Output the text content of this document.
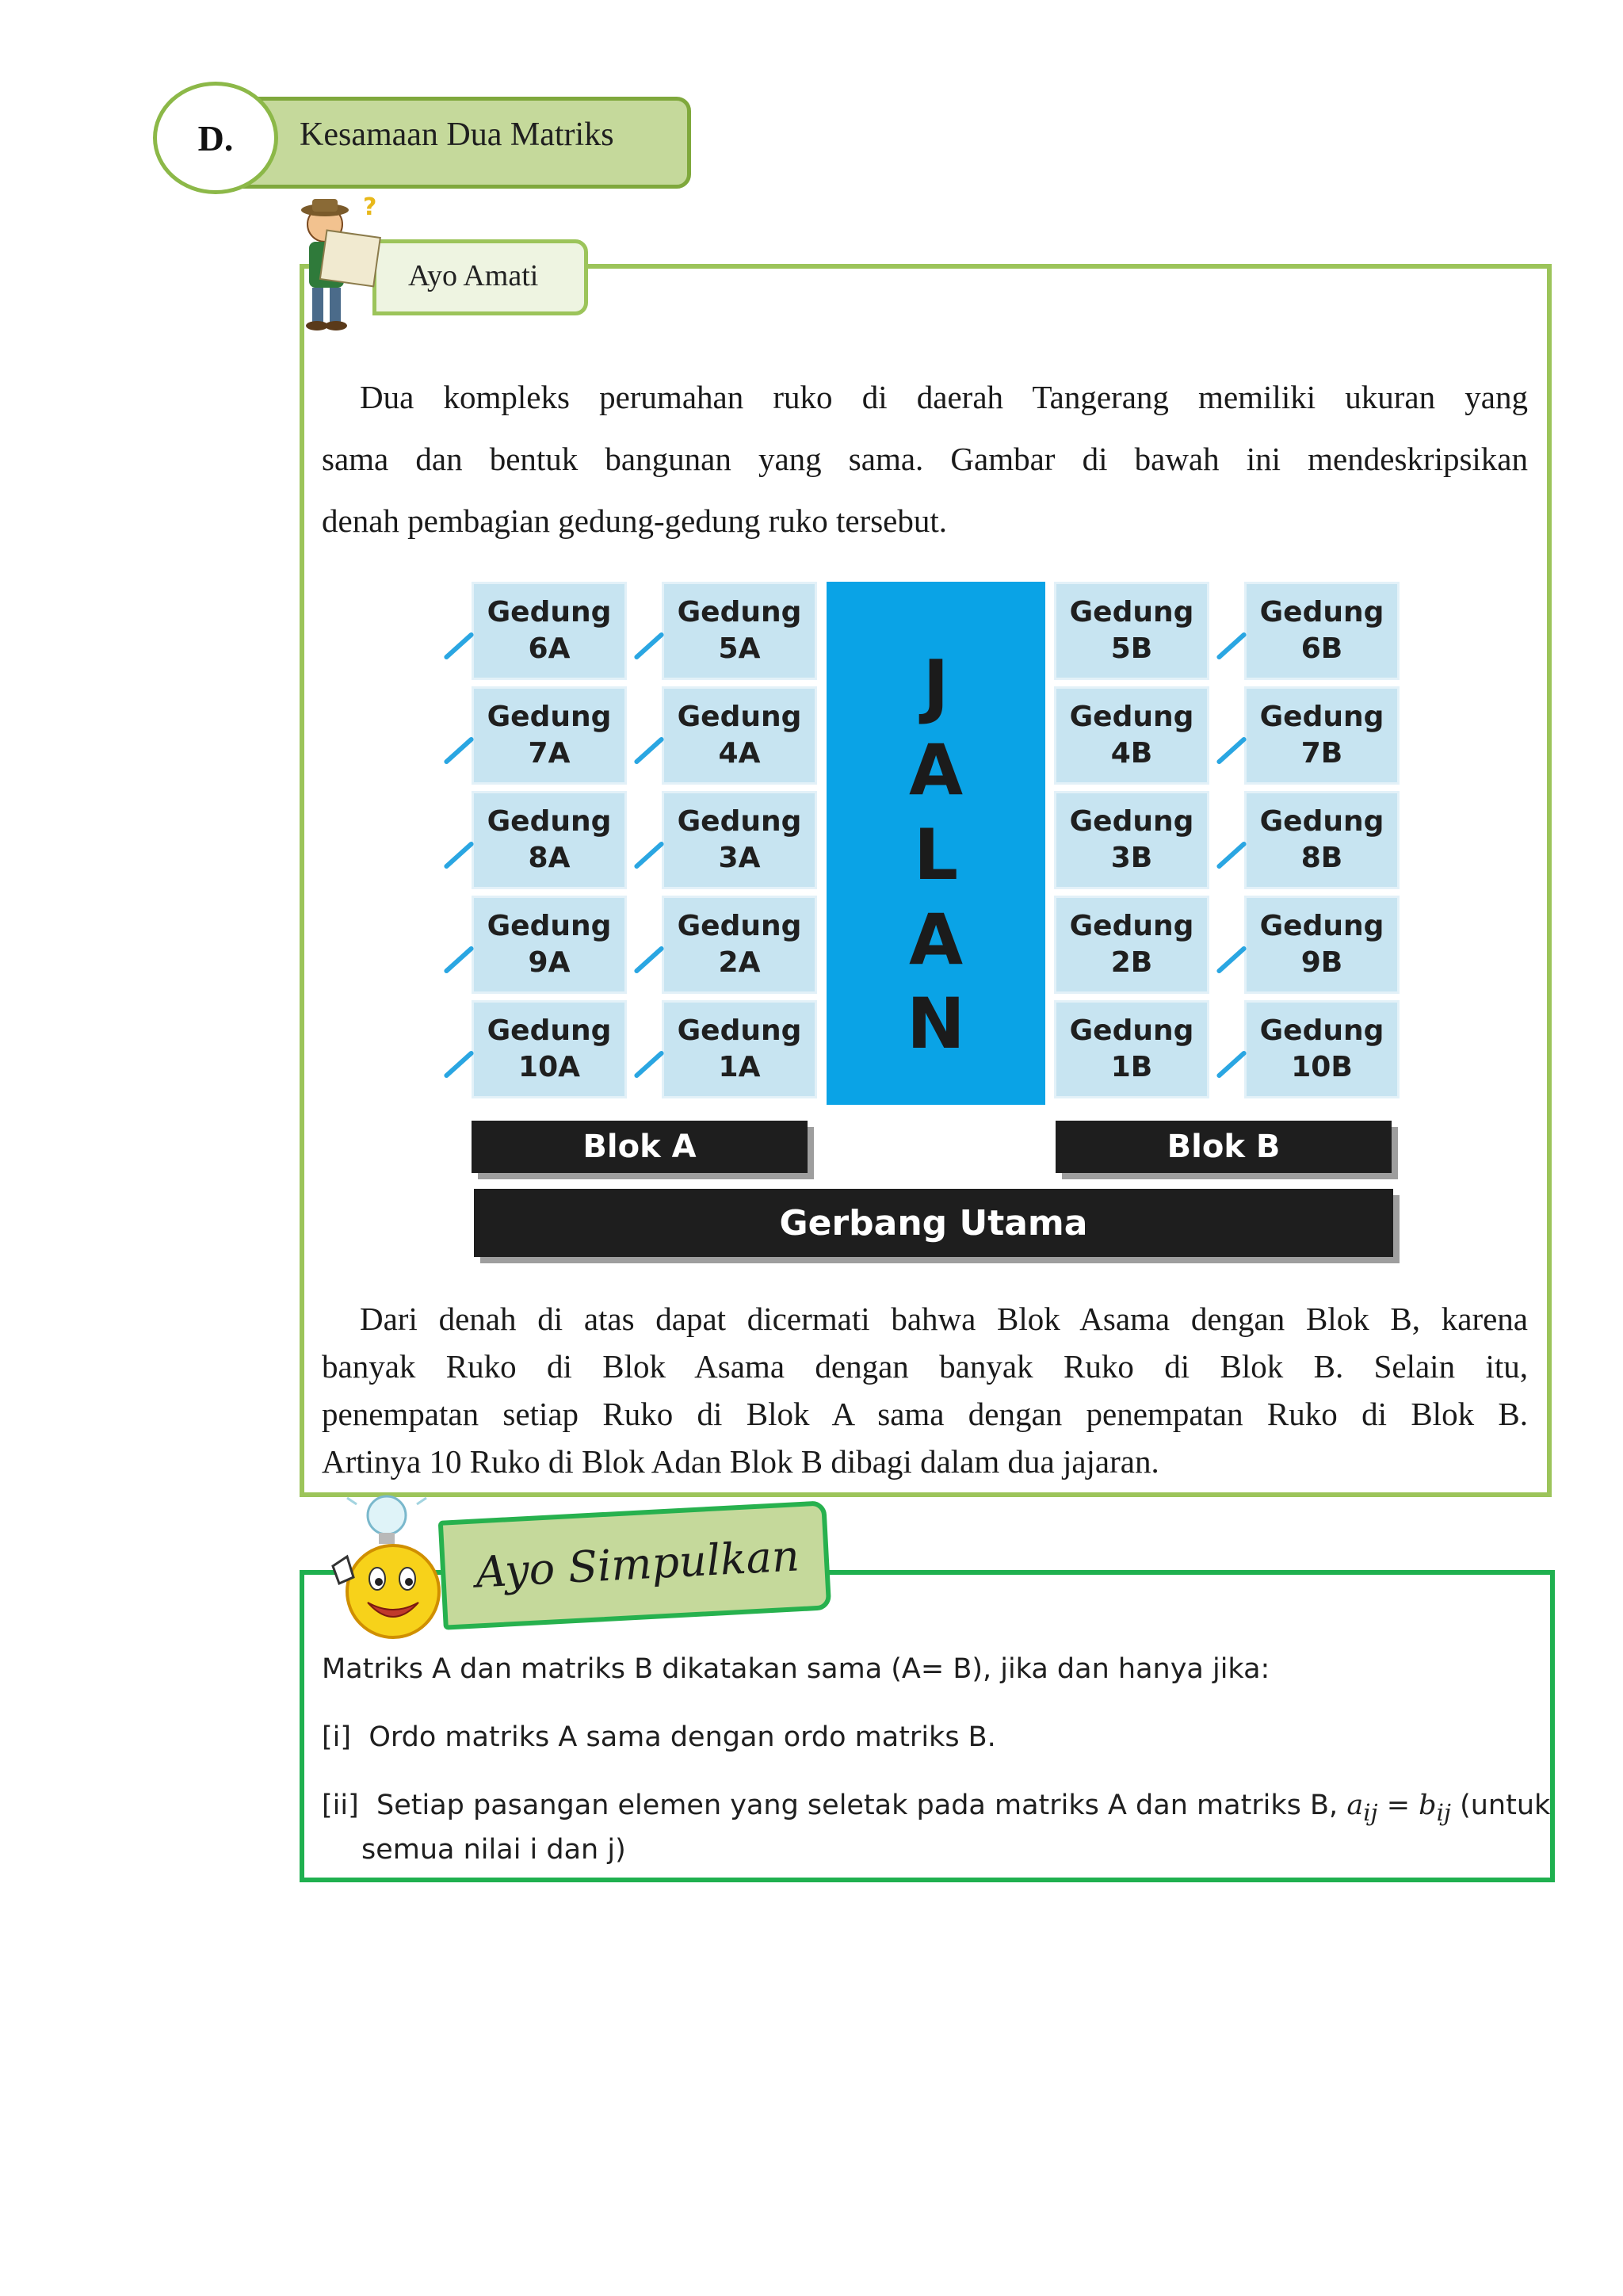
Kesamaan Dua Matriks
D.
Ayo Amati
?
Dua kompleks perumahan ruko di daerah Tangerang memiliki ukuran yang
sama dan bentuk bangunan yang sama. Gambar di bawah ini mendeskripsikan
denah pembagian gedung-gedung ruko tersebut.
J
A
L
A
N
Blok A	Blok B
Gerbang Utama
Gedung
6A
Gedung
7A
Gedung
8A
Gedung
9A
Gedung
10A
Gedung
5A
Gedung
4A
Gedung
3A
Gedung
2A
Gedung
1A
Gedung
5B
Gedung
4B
Gedung
3B
Gedung
2B
Gedung
1B
Gedung
6B
Gedung
7B
Gedung
8B
Gedung
9B
Gedung
10B
Dari denah di atas dapat dicermati bahwa Blok Asama dengan Blok B, karena
banyak Ruko di Blok Asama dengan banyak Ruko di Blok B. Selain itu,
penempatan setiap Ruko di Blok A sama dengan penempatan Ruko di Blok B.
Artinya 10 Ruko di Blok Adan Blok B dibagi dalam dua jajaran.
Ayo Simpulkan
Matriks A dan matriks B dikatakan sama (A= B), jika dan hanya jika:
[i] Ordo matriks A sama dengan ordo matriks B.
[ii] Setiap pasangan elemen yang seletak pada matriks A dan matriks B, $a_{ij} = b_{ij}$ (untuk
semua nilai i dan j)
